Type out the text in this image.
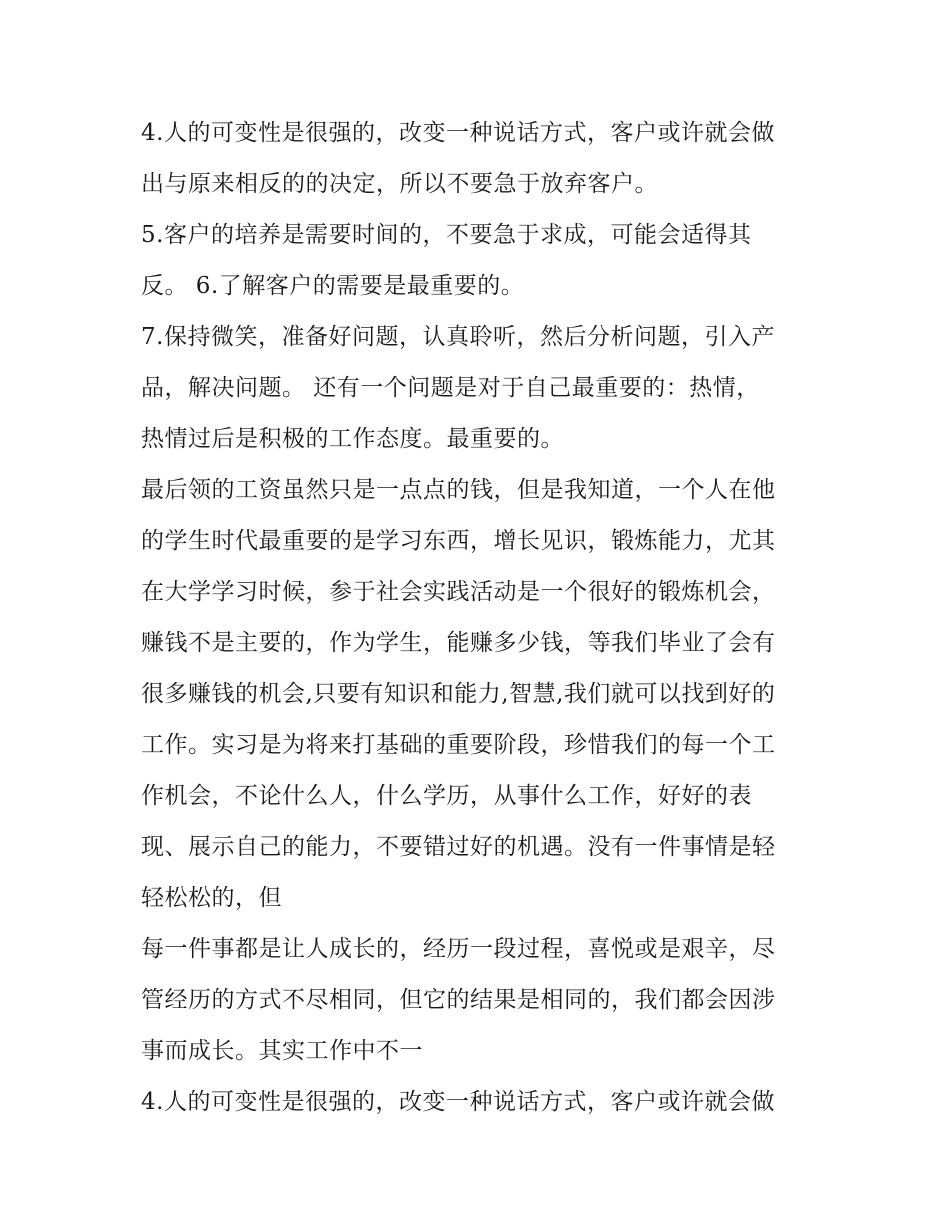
4.人的可变性是很强的，改变一种说话方式，客户或许就会做
出与原来相反的的决定，所以不要急于放弃客户。
5.客户的培养是需要时间的，不要急于求成，可能会适得其
反。 6.了解客户的需要是最重要的。
7.保持微笑，准备好问题，认真聆听，然后分析问题，引入产
品，解决问题。 还有一个问题是对于自己最重要的：热情，
热情过后是积极的工作态度。最重要的。
最后领的工资虽然只是一点点的钱，但是我知道，一个人在他
的学生时代最重要的是学习东西，增长见识，锻炼能力，尤其
在大学学习时候，参于社会实践活动是一个很好的锻炼机会，
赚钱不是主要的，作为学生，能赚多少钱，等我们毕业了会有
很多赚钱的机会,只要有知识和能力,智慧,我们就可以找到好的
工作。实习是为将来打基础的重要阶段，珍惜我们的每一个工
作机会，不论什么人，什么学历，从事什么工作，好好的表
现、展示自己的能力，不要错过好的机遇。没有一件事情是轻
轻松松的，但
每一件事都是让人成长的，经历一段过程，喜悦或是艰辛，尽
管经历的方式不尽相同，但它的结果是相同的，我们都会因涉
事而成长。其实工作中不一
4.人的可变性是很强的，改变一种说话方式，客户或许就会做
